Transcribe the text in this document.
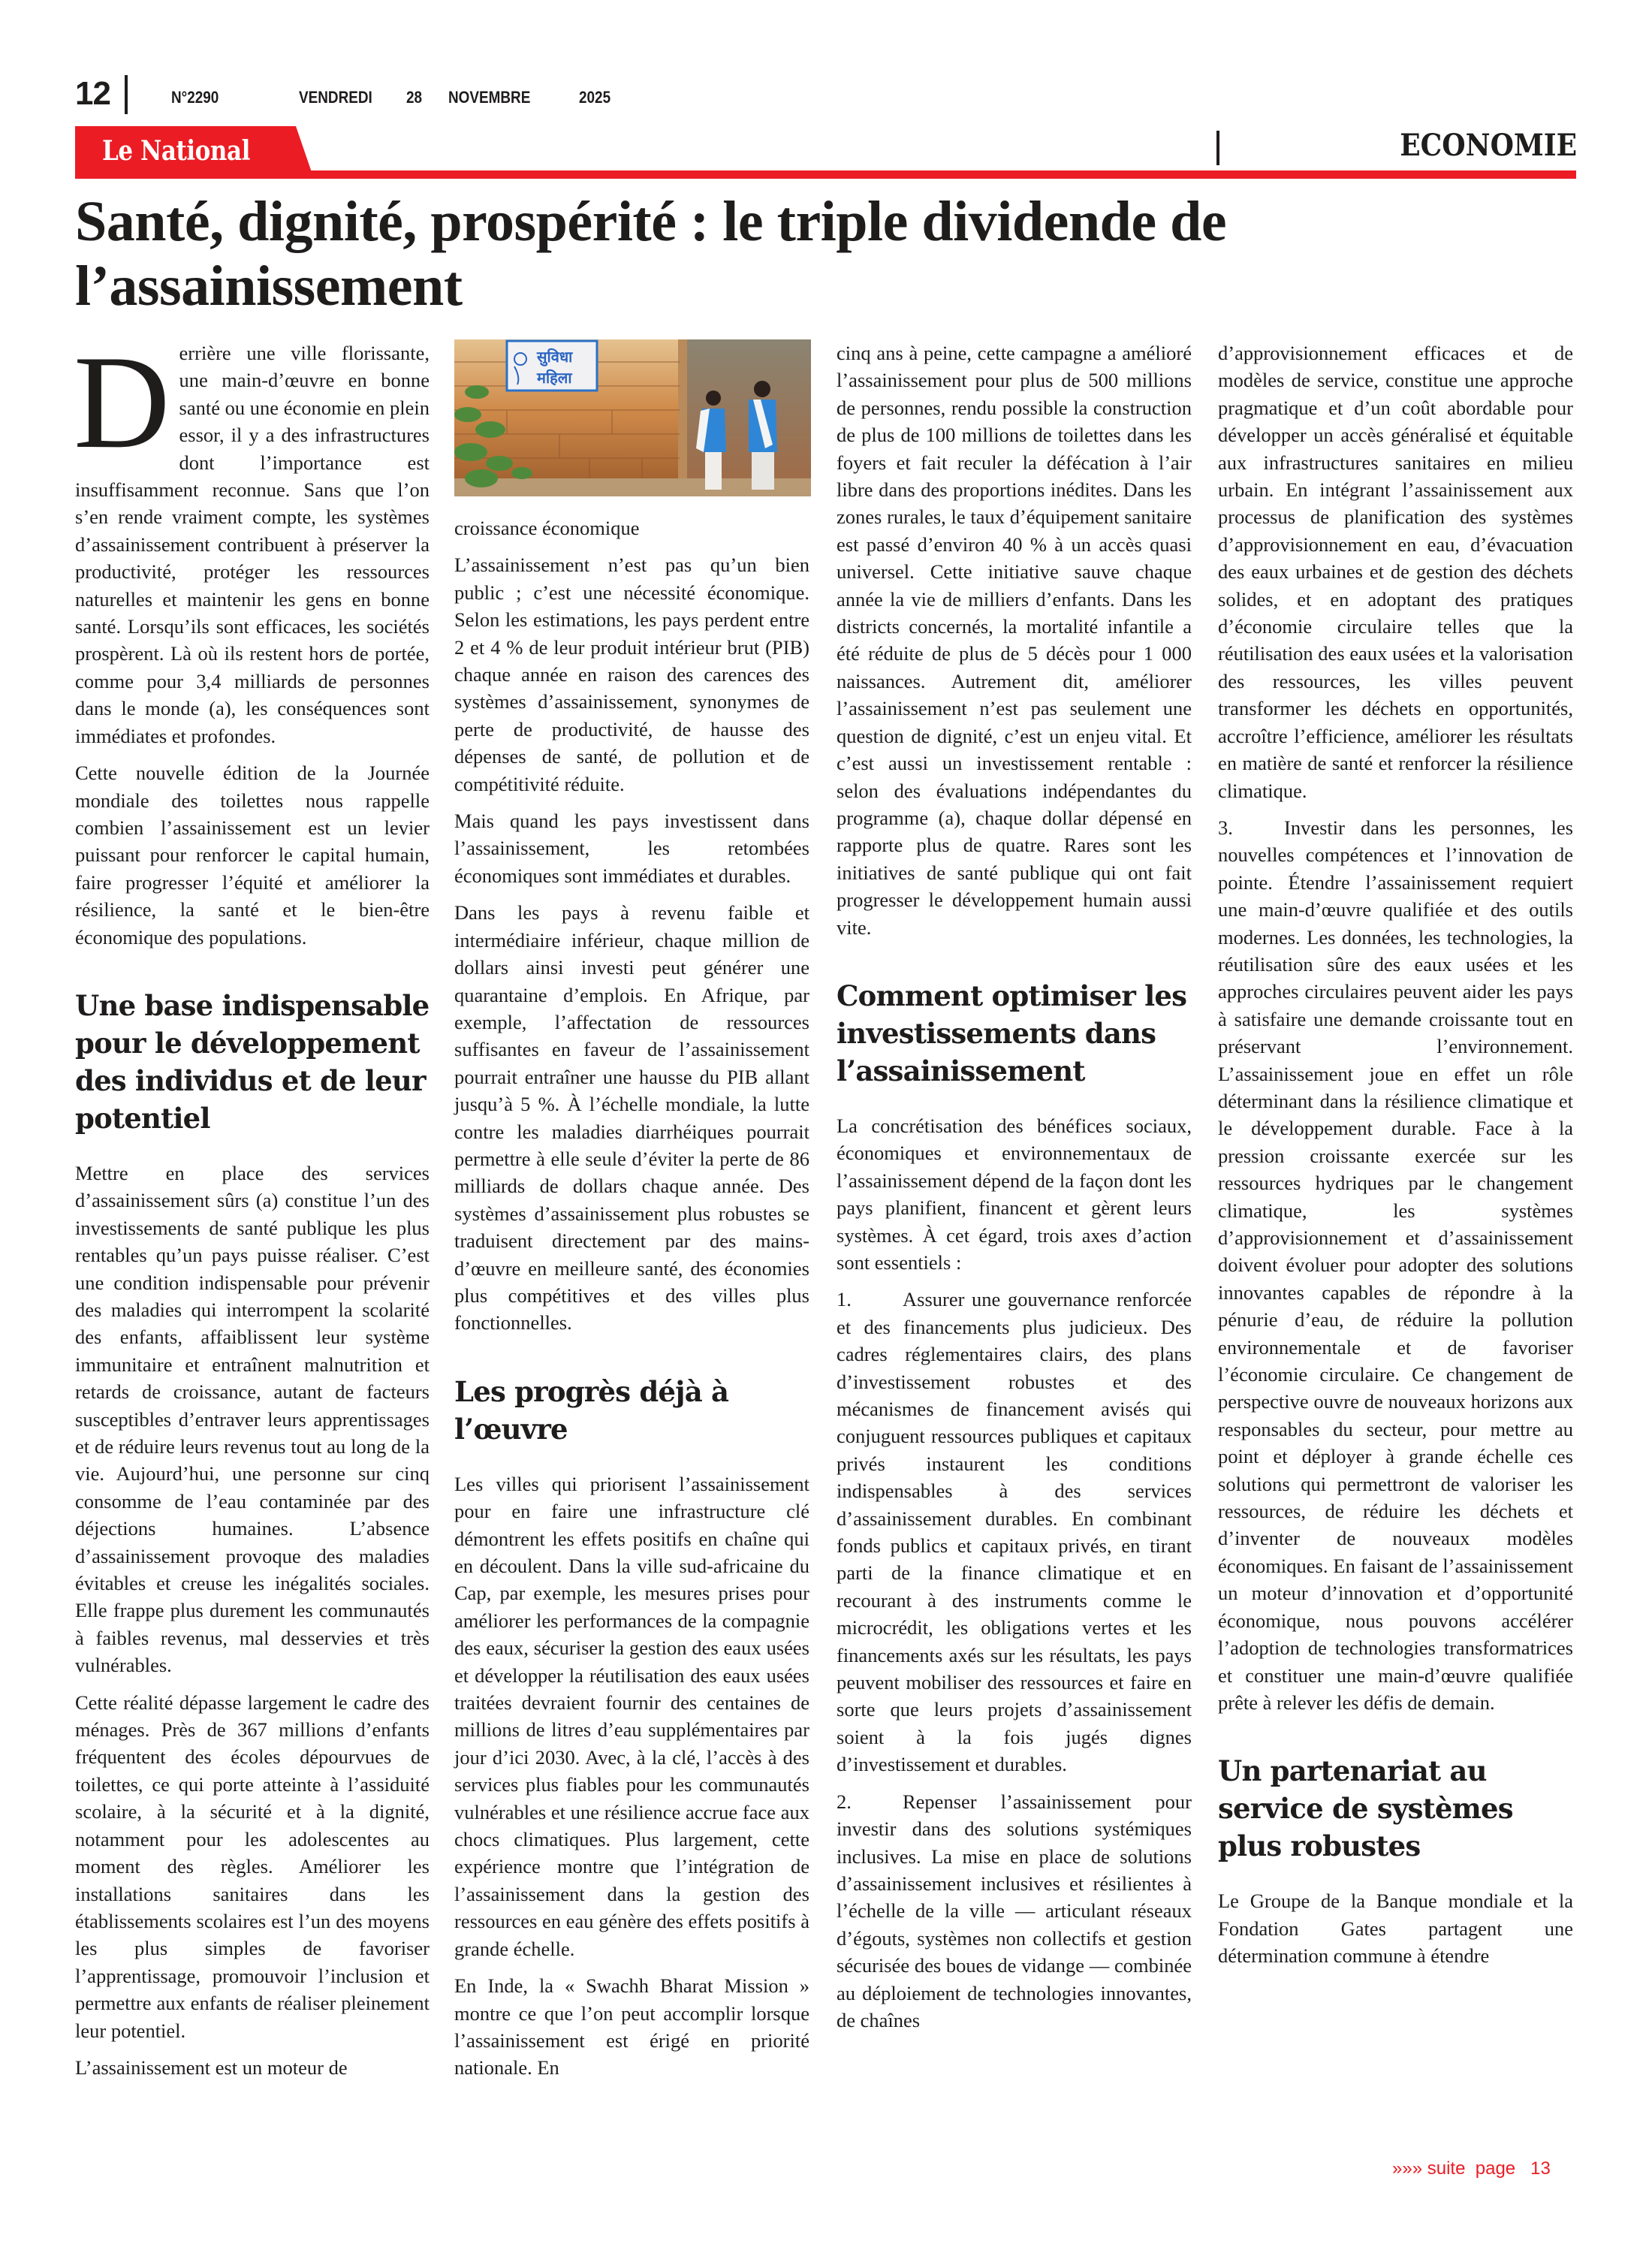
12	N°2290	VENDREDI 28 NOVEMBRE	2025
Le National	ECONOMIE
Santé, dignité, prospérité : le triple dividende de l’assainissement

Derrière une ville florissante, une main-d’œuvre en bonne santé ou une économie en plein essor, il y a des infrastructures dont l’importance est insuffisamment reconnue. Sans que l’on s’en rende vraiment compte, les systèmes d’assainissement contribuent à préserver la productivité, protéger les ressources naturelles et maintenir les gens en bonne santé. Lorsqu’ils sont efficaces, les sociétés prospèrent. Là où ils restent hors de portée, comme pour 3,4 milliards de personnes dans le monde (a), les conséquences sont immédiates et profondes.

Cette nouvelle édition de la Journée mondiale des toilettes nous rappelle combien l’assainissement est un levier puissant pour renforcer le capital humain, faire progresser l’équité et améliorer la résilience, la santé et le bien-être économique des populations.

Une base indispensable pour le développement des individus et de leur potentiel

Mettre en place des services d’assainissement sûrs (a) constitue l’un des investissements de santé publique les plus rentables qu’un pays puisse réaliser. C’est une condition indispensable pour prévenir des maladies qui interrompent la scolarité des enfants, affaiblissent leur système immunitaire et entraînent malnutrition et retards de croissance, autant de facteurs susceptibles d’entraver leurs apprentissages et de réduire leurs revenus tout au long de la vie. Aujourd’hui, une personne sur cinq consomme de l’eau contaminée par des déjections humaines. L’absence d’assainissement provoque des maladies évitables et creuse les inégalités sociales. Elle frappe plus durement les communautés à faibles revenus, mal desservies et très vulnérables.

Cette réalité dépasse largement le cadre des ménages. Près de 367 millions d’enfants fréquentent des écoles dépourvues de toilettes, ce qui porte atteinte à l’assiduité scolaire, à la sécurité et à la dignité, notamment pour les adolescentes au moment des règles. Améliorer les installations sanitaires dans les établissements scolaires est l’un des moyens les plus simples de favoriser l’apprentissage, promouvoir l’inclusion et permettre aux enfants de réaliser pleinement leur potentiel.

L’assainissement est un moteur de

सुविधा
महिला

croissance économique

L’assainissement n’est pas qu’un bien public ; c’est une nécessité économique. Selon les estimations, les pays perdent entre 2 et 4 % de leur produit intérieur brut (PIB) chaque année en raison des carences des systèmes d’assainissement, synonymes de perte de productivité, de hausse des dépenses de santé, de pollution et de compétitivité réduite.

Mais quand les pays investissent dans l’assainissement, les retombées économiques sont immédiates et durables.

Dans les pays à revenu faible et intermédiaire inférieur, chaque million de dollars ainsi investi peut générer une quarantaine d’emplois. En Afrique, par exemple, l’affectation de ressources suffisantes en faveur de l’assainissement pourrait entraîner une hausse du PIB allant jusqu’à 5 %. À l’échelle mondiale, la lutte contre les maladies diarrhéiques pourrait permettre à elle seule d’éviter la perte de 86 milliards de dollars chaque année. Des systèmes d’assainissement plus robustes se traduisent directement par des mains-d’œuvre en meilleure santé, des économies plus compétitives et des villes plus fonctionnelles.

Les progrès déjà à l’œuvre

Les villes qui priorisent l’assainissement pour en faire une infrastructure clé démontrent les effets positifs en chaîne qui en découlent. Dans la ville sud-africaine du Cap, par exemple, les mesures prises pour améliorer les performances de la compagnie des eaux, sécuriser la gestion des eaux usées et développer la réutilisation des eaux usées traitées devraient fournir des centaines de millions de litres d’eau supplémentaires par jour d’ici 2030. Avec, à la clé, l’accès à des services plus fiables pour les communautés vulnérables et une résilience accrue face aux chocs climatiques. Plus largement, cette expérience montre que l’intégration de l’assainissement dans la gestion des ressources en eau génère des effets positifs à grande échelle.

En Inde, la « Swachh Bharat Mission » montre ce que l’on peut accomplir lorsque l’assainissement est érigé en priorité nationale. En

cinq ans à peine, cette campagne a amélioré l’assainissement pour plus de 500 millions de personnes, rendu possible la construction de plus de 100 millions de toilettes dans les foyers et fait reculer la défécation à l’air libre dans des proportions inédites. Dans les zones rurales, le taux d’équipement sanitaire est passé d’environ 40 % à un accès quasi universel. Cette initiative sauve chaque année la vie de milliers d’enfants. Dans les districts concernés, la mortalité infantile a été réduite de plus de 5 décès pour 1 000 naissances. Autrement dit, améliorer l’assainissement n’est pas seulement une question de dignité, c’est un enjeu vital. Et c’est aussi un investissement rentable : selon des évaluations indépendantes du programme (a), chaque dollar dépensé en rapporte plus de quatre. Rares sont les initiatives de santé publique qui ont fait progresser le développement humain aussi vite.

Comment optimiser les investissements dans l’assainissement

La concrétisation des bénéfices sociaux, économiques et environnementaux de l’assainissement dépend de la façon dont les pays planifient, financent et gèrent leurs systèmes. À cet égard, trois axes d’action sont essentiels :

1.	Assurer une gouvernance renforcée et des financements plus judicieux. Des cadres réglementaires clairs, des plans d’investissement robustes et des mécanismes de financement avisés qui conjuguent ressources publiques et capitaux privés instaurent les conditions indispensables à des services d’assainissement durables. En combinant fonds publics et capitaux privés, en tirant parti de la finance climatique et en recourant à des instruments comme le microcrédit, les obligations vertes et les financements axés sur les résultats, les pays peuvent mobiliser des ressources et faire en sorte que leurs projets d’assainissement soient à la fois jugés dignes d’investissement et durables.

2.	Repenser l’assainissement pour investir dans des solutions systémiques inclusives. La mise en place de solutions d’assainissement inclusives et résilientes à l’échelle de la ville — articulant réseaux d’égouts, systèmes non collectifs et gestion sécurisée des boues de vidange — combinée au déploiement de technologies innovantes, de chaînes

d’approvisionnement efficaces et de modèles de service, constitue une approche pragmatique et d’un coût abordable pour développer un accès généralisé et équitable aux infrastructures sanitaires en milieu urbain. En intégrant l’assainissement aux processus de planification des systèmes d’approvisionnement en eau, d’évacuation des eaux urbaines et de gestion des déchets solides, et en adoptant des pratiques d’économie circulaire telles que la réutilisation des eaux usées et la valorisation des ressources, les villes peuvent transformer les déchets en opportunités, accroître l’efficience, améliorer les résultats en matière de santé et renforcer la résilience climatique.

3.	Investir dans les personnes, les nouvelles compétences et l’innovation de pointe. Étendre l’assainissement requiert une main-d’œuvre qualifiée et des outils modernes. Les données, les technologies, la réutilisation sûre des eaux usées et les approches circulaires peuvent aider les pays à satisfaire une demande croissante tout en préservant l’environnement. L’assainissement joue en effet un rôle déterminant dans la résilience climatique et le développement durable. Face à la pression croissante exercée sur les ressources hydriques par le changement climatique, les systèmes d’approvisionnement et d’assainissement doivent évoluer pour adopter des solutions innovantes capables de répondre à la pénurie d’eau, de réduire la pollution environnementale et de favoriser l’économie circulaire. Ce changement de perspective ouvre de nouveaux horizons aux responsables du secteur, pour mettre au point et déployer à grande échelle ces solutions qui permettront de valoriser les ressources, de réduire les déchets et d’inventer de nouveaux modèles économiques. En faisant de l’assainissement un moteur d’innovation et d’opportunité économique, nous pouvons accélérer l’adoption de technologies transformatrices et constituer une main-d’œuvre qualifiée prête à relever les défis de demain.

Un partenariat au service de systèmes plus robustes

Le Groupe de la Banque mondiale et la Fondation Gates partagent une détermination commune à étendre

»»» suite  page 13
